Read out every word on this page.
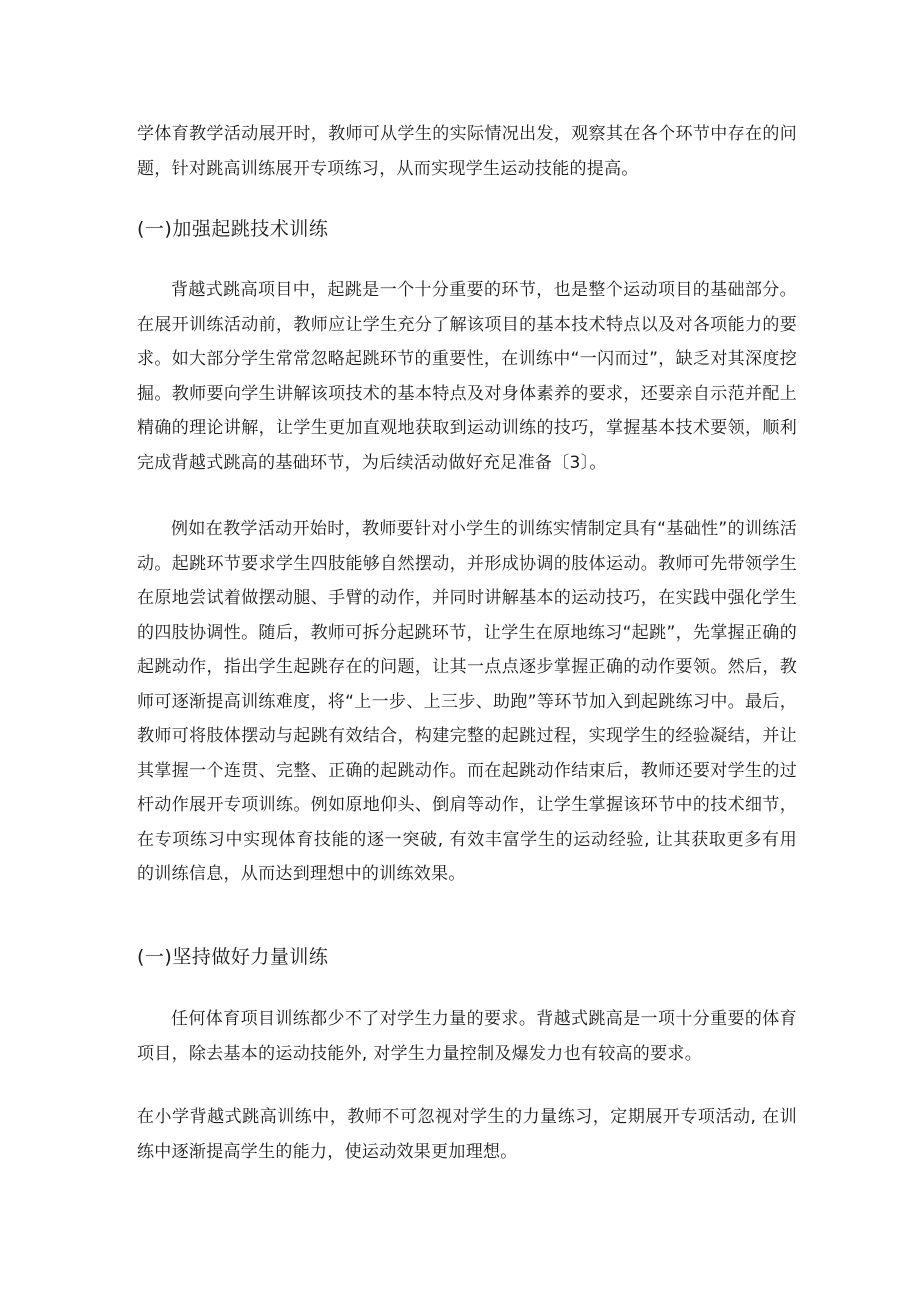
学体育教学活动展开时，教师可从学生的实际情况出发，观察其在各个环节中存在的问题，针对跳高训练展开专项练习，从而实现学生运动技能的提高。

(一)加强起跳技术训练

背越式跳高项目中，起跳是一个十分重要的环节，也是整个运动项目的基础部分。在展开训练活动前，教师应让学生充分了解该项目的基本技术特点以及对各项能力的要求。如大部分学生常常忽略起跳环节的重要性，在训练中“一闪而过”，缺乏对其深度挖掘。教师要向学生讲解该项技术的基本特点及对身体素养的要求，还要亲自示范并配上精确的理论讲解，让学生更加直观地获取到运动训练的技巧，掌握基本技术要领，顺利完成背越式跳高的基础环节，为后续活动做好充足准备〔3〕。

例如在教学活动开始时，教师要针对小学生的训练实情制定具有“基础性”的训练活动。起跳环节要求学生四肢能够自然摆动，并形成协调的肢体运动。教师可先带领学生在原地尝试着做摆动腿、手臂的动作，并同时讲解基本的运动技巧，在实践中强化学生的四肢协调性。随后，教师可拆分起跳环节，让学生在原地练习“起跳”，先掌握正确的起跳动作，指出学生起跳存在的问题，让其一点点逐步掌握正确的动作要领。然后，教师可逐渐提高训练难度，将“上一步、上三步、助跑”等环节加入到起跳练习中。最后，教师可将肢体摆动与起跳有效结合，构建完整的起跳过程，实现学生的经验凝结，并让其掌握一个连贯、完整、正确的起跳动作。而在起跳动作结束后，教师还要对学生的过杆动作展开专项训练。例如原地仰头、倒肩等动作，让学生掌握该环节中的技术细节，在专项练习中实现体育技能的逐一突破, 有效丰富学生的运动经验, 让其获取更多有用的训练信息，从而达到理想中的训练效果。

(一)坚持做好力量训练

任何体育项目训练都少不了对学生力量的要求。背越式跳高是一项十分重要的体育项目，除去基本的运动技能外, 对学生力量控制及爆发力也有较高的要求。

在小学背越式跳高训练中，教师不可忽视对学生的力量练习，定期展开专项活动, 在训练中逐渐提高学生的能力，使运动效果更加理想。
